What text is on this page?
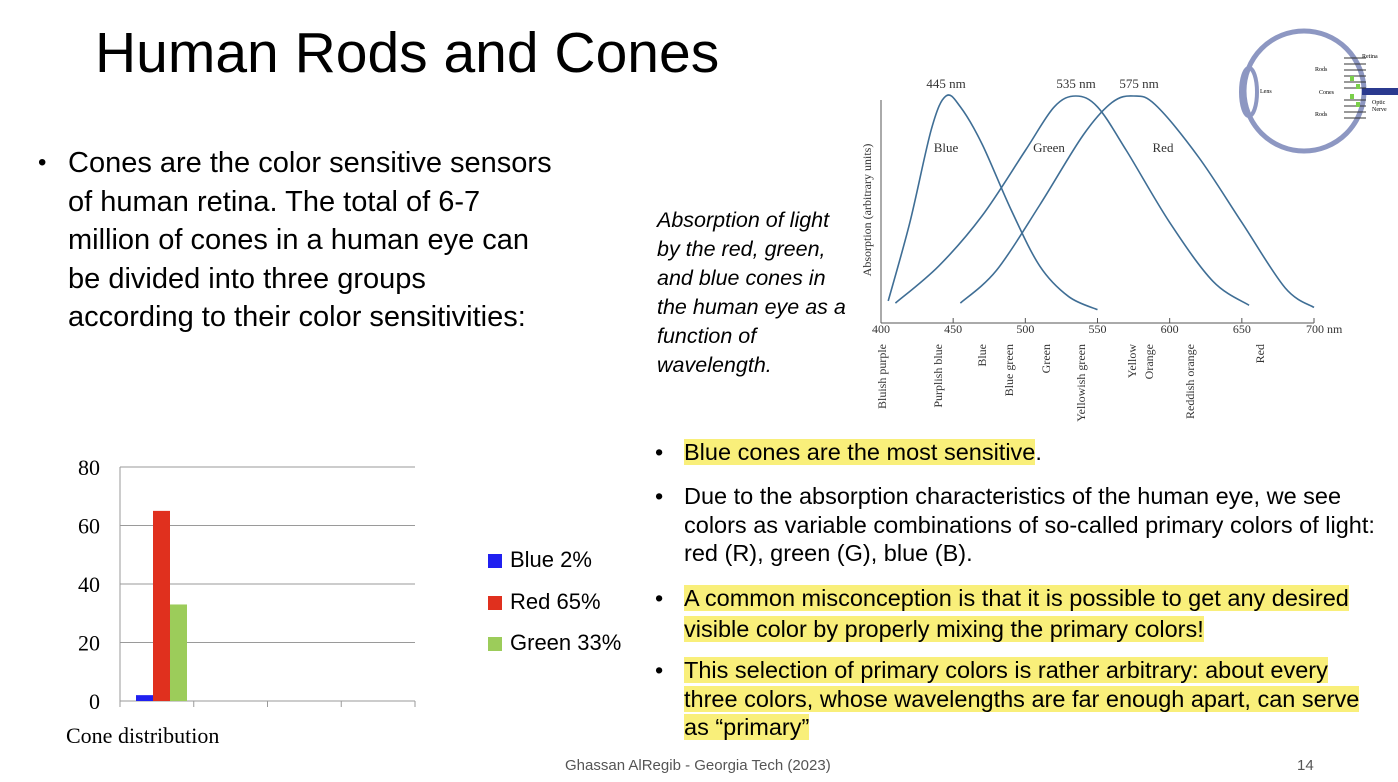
Human Rods and Cones
• Cones are the color sensitive sensors of human retina. The total of 6-7 million of cones in a human eye can be divided into three groups according to their color sensitivities:
Absorption of light by the red, green, and blue cones in the human eye as a function of wavelength.
400	450	500	550	600	650	700 nm
Bluish purple	Purplish blue	Blue Blue green Green Yellowish green	Yellow Orange Reddish orange	Red
Absorption (arbitrary units)
445 nm	535 nm 575 nm
Blue	Green	Red
Retina
Rods
Lens	Cones
Rods
Optic
Nerve
0
20
40
60
80
Cone distribution
Blue 2%
Red 65%
Green 33%
• Blue cones are the most sensitive.
• Due to the absorption characteristics of the human eye, we see colors as variable combinations of so-called primary colors of light: red (R), green (G), blue (B).
• A common misconception is that it is possible to get any desired visible color by properly mixing the primary colors!
• This selection of primary colors is rather arbitrary: about every three colors, whose wavelengths are far enough apart, can serve as “primary”
Ghassan AlRegib - Georgia Tech (2023)	14
